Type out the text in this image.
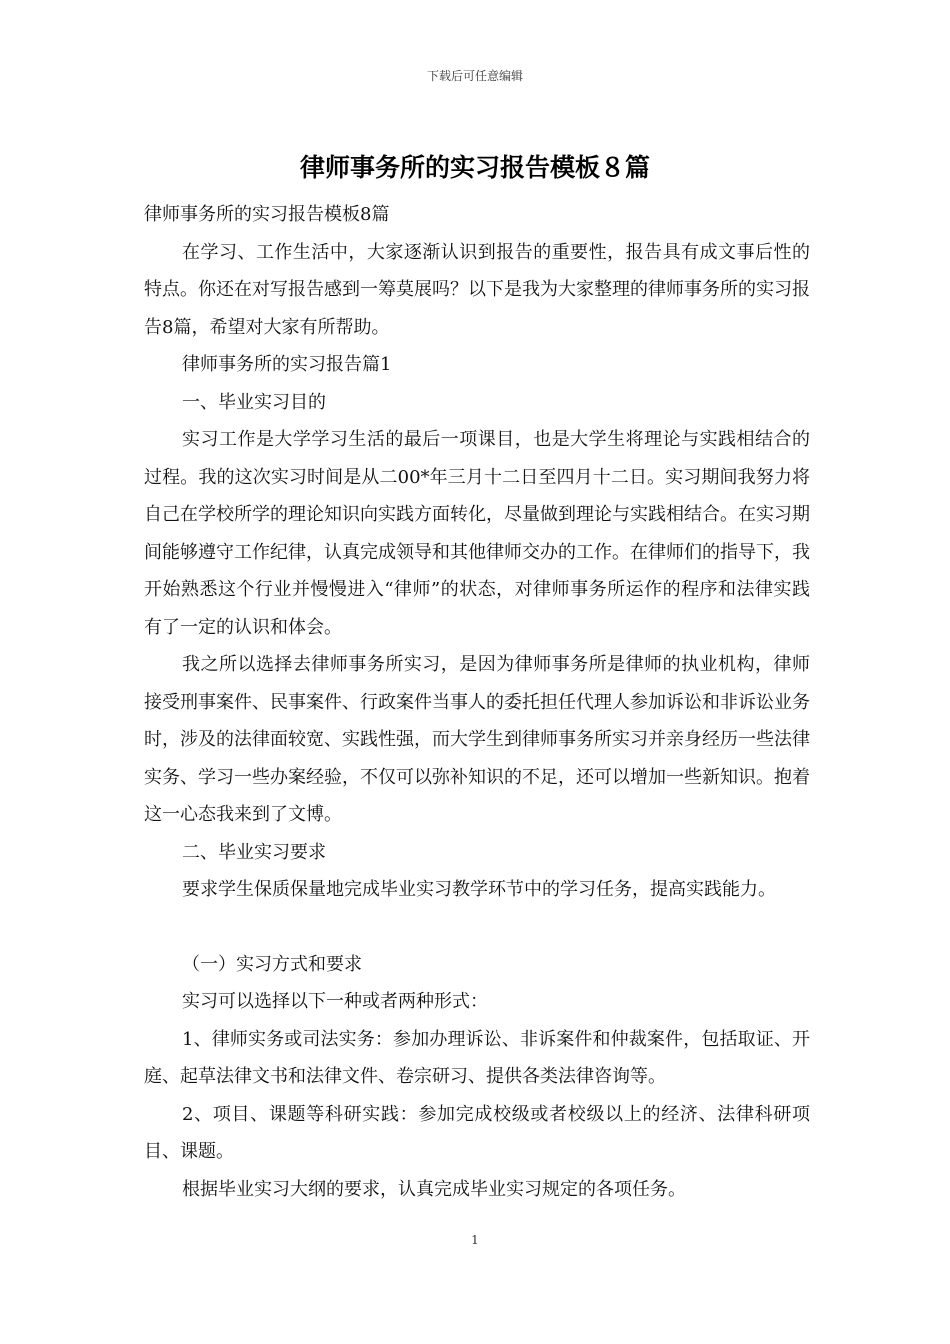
下载后可任意编辑
律师事务所的实习报告模板８篇

律师事务所的实习报告模板8篇

在学习、工作生活中，大家逐渐认识到报告的重要性，报告具有成文事后性的特点。你还在对写报告感到一筹莫展吗？以下是我为大家整理的律师事务所的实习报告8篇，希望对大家有所帮助。

律师事务所的实习报告篇1

一、毕业实习目的

实习工作是大学学习生活的最后一项课目，也是大学生将理论与实践相结合的过程。我的这次实习时间是从二00*年三月十二日至四月十二日。实习期间我努力将自己在学校所学的理论知识向实践方面转化，尽量做到理论与实践相结合。在实习期间能够遵守工作纪律，认真完成领导和其他律师交办的工作。在律师们的指导下，我开始熟悉这个行业并慢慢进入“律师”的状态，对律师事务所运作的程序和法律实践有了一定的认识和体会。

我之所以选择去律师事务所实习，是因为律师事务所是律师的执业机构，律师接受刑事案件、民事案件、行政案件当事人的委托担任代理人参加诉讼和非诉讼业务时，涉及的法律面较宽、实践性强，而大学生到律师事务所实习并亲身经历一些法律实务、学习一些办案经验，不仅可以弥补知识的不足，还可以增加一些新知识。抱着这一心态我来到了文博。

二、毕业实习要求

要求学生保质保量地完成毕业实习教学环节中的学习任务，提高实践能力。

（一）实习方式和要求

实习可以选择以下一种或者两种形式：

1、律师实务或司法实务：参加办理诉讼、非诉案件和仲裁案件，包括取证、开庭、起草法律文书和法律文件、卷宗研习、提供各类法律咨询等。

2、项目、课题等科研实践：参加完成校级或者校级以上的经济、法律科研项目、课题。

根据毕业实习大纲的要求，认真完成毕业实习规定的各项任务。

1
